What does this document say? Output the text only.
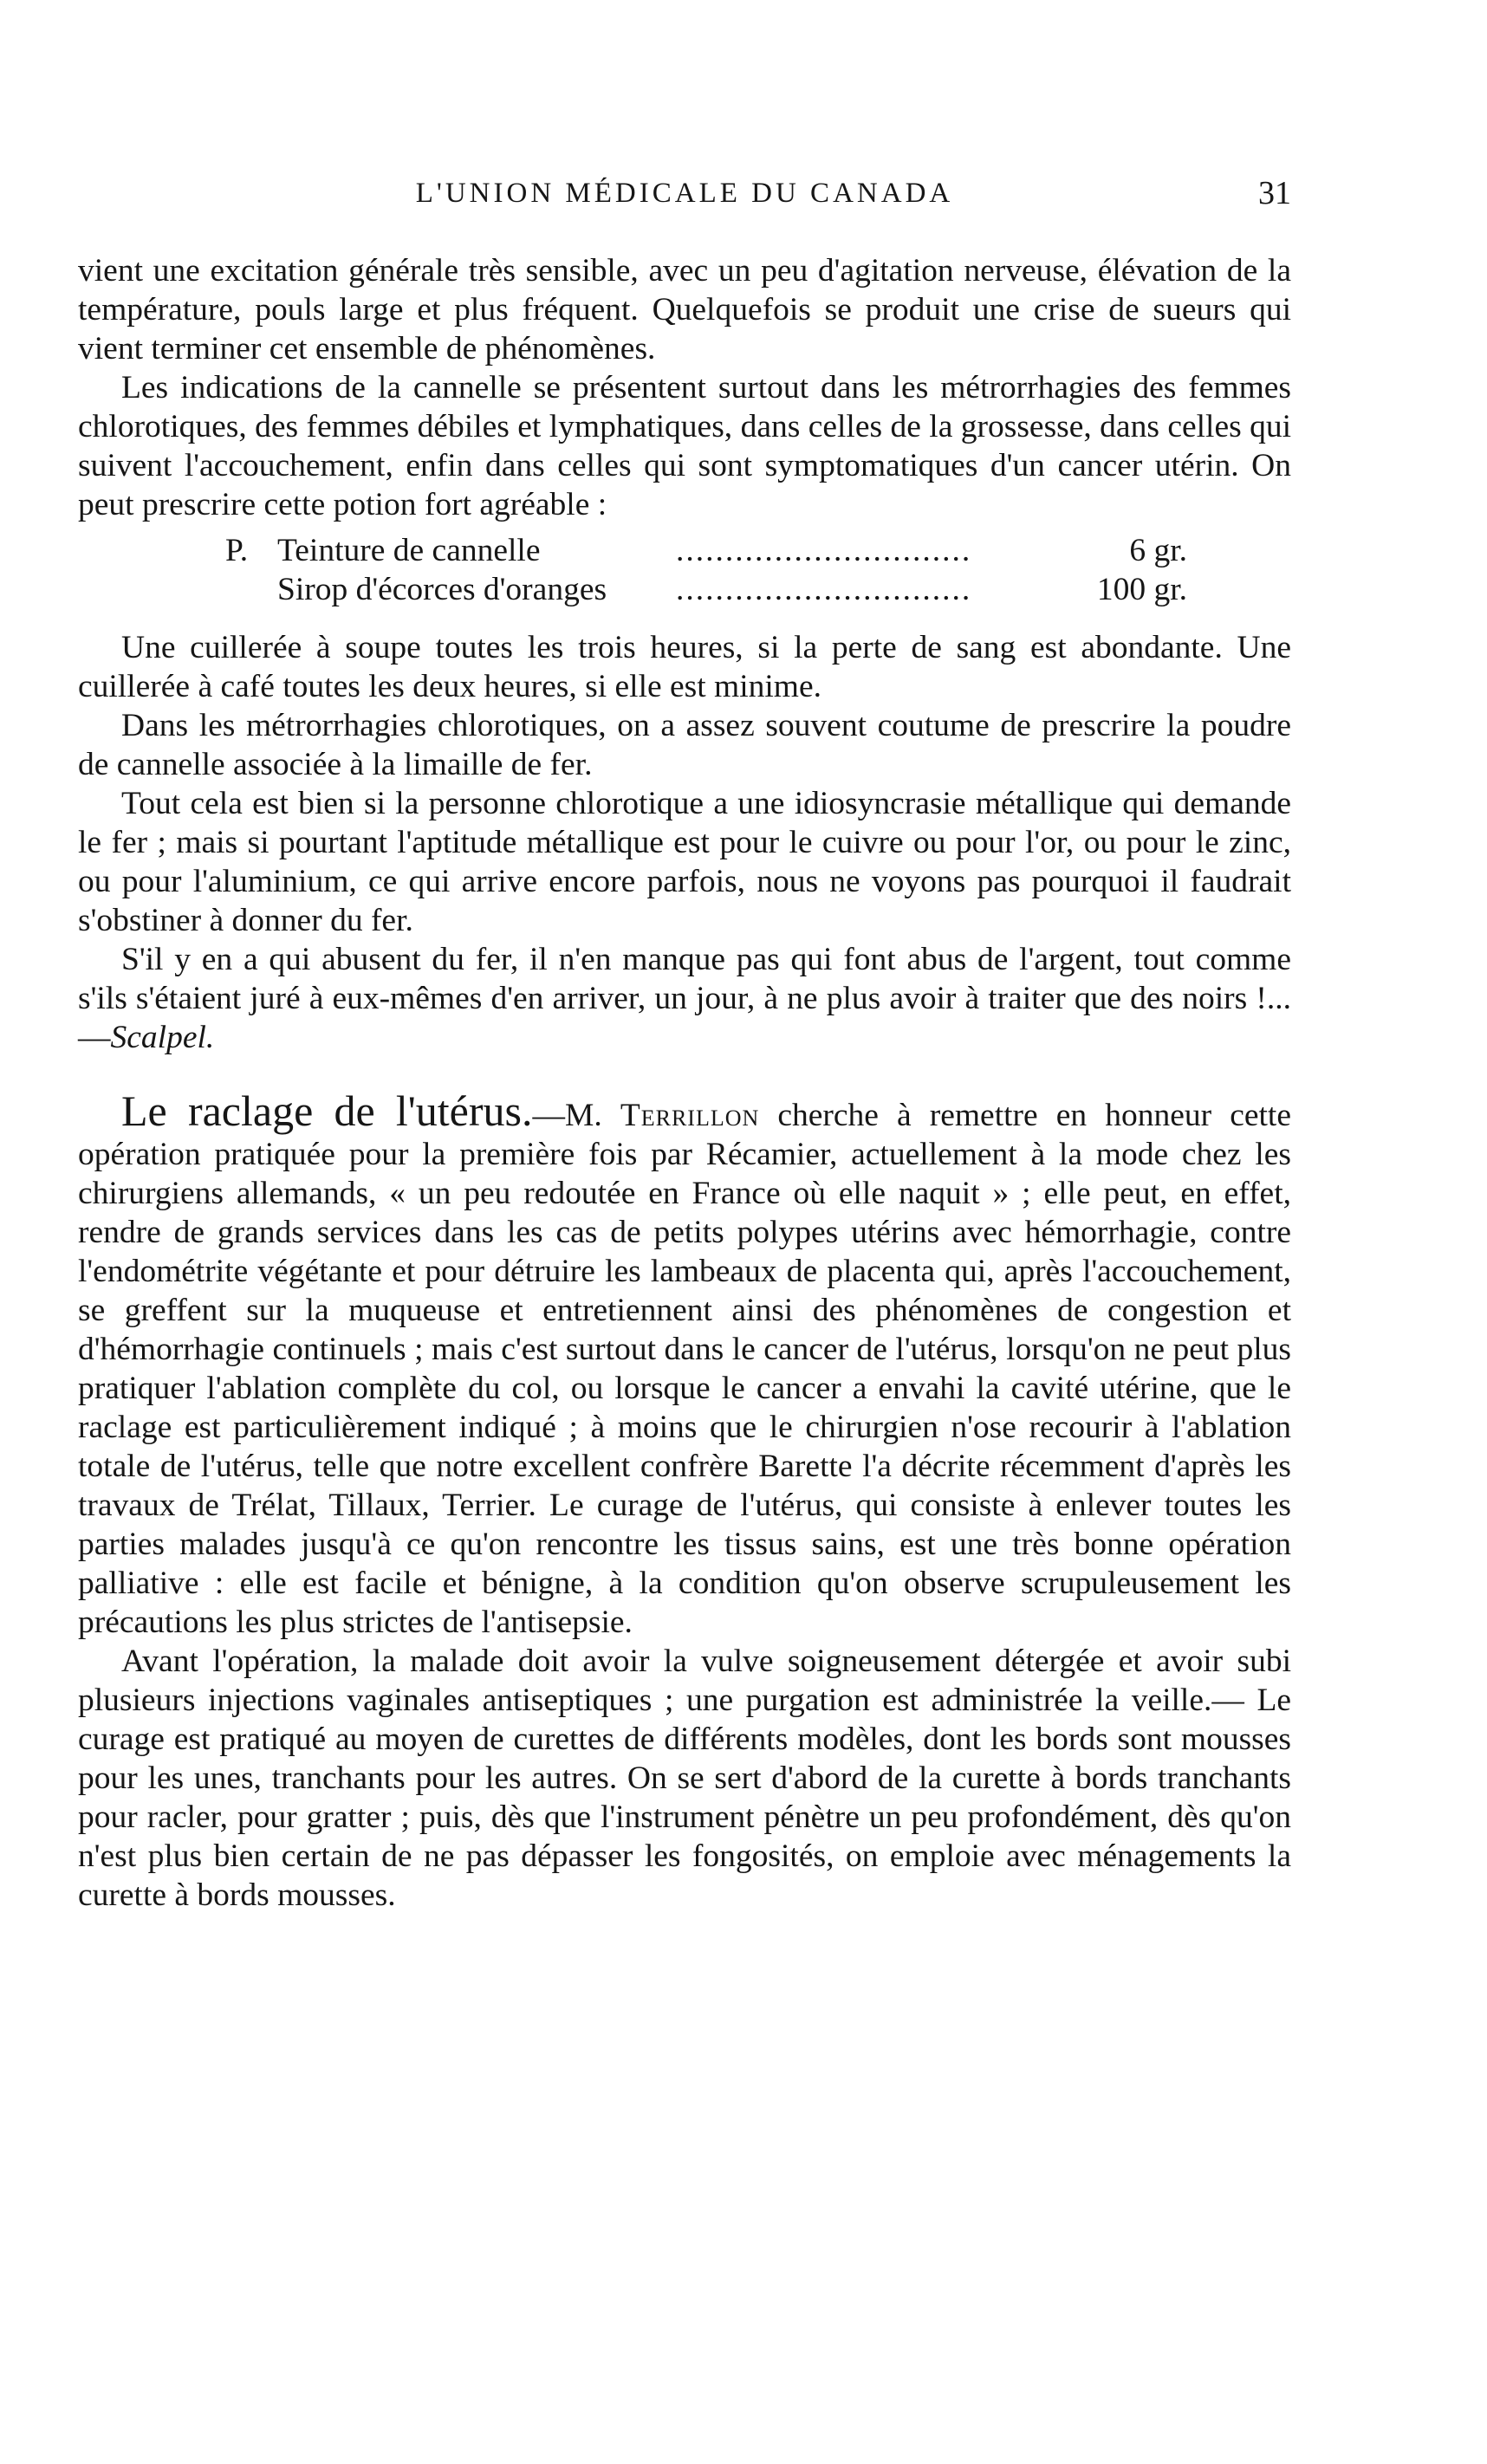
L'UNION MÉDICALE DU CANADA	31

vient une excitation générale très sensible, avec un peu d'agitation nerveuse, élévation de la température, pouls large et plus fréquent. Quelquefois se produit une crise de sueurs qui vient terminer cet ensemble de phénomènes.

Les indications de la cannelle se présentent surtout dans les métrorrhagies des femmes chlorotiques, des femmes débiles et lymphatiques, dans celles de la grossesse, dans celles qui suivent l'accouchement, enfin dans celles qui sont symptomatiques d'un cancer utérin. On peut prescrire cette potion fort agréable :

P. Teinture de cannelle	..............................	6 gr.
Sirop d'écorces d'oranges	..............................	100 gr.

Une cuillerée à soupe toutes les trois heures, si la perte de sang est abondante. Une cuillerée à café toutes les deux heures, si elle est minime.

Dans les métrorrhagies chlorotiques, on a assez souvent coutume de prescrire la poudre de cannelle associée à la limaille de fer.

Tout cela est bien si la personne chlorotique a une idiosyncrasie métallique qui demande le fer ; mais si pourtant l'aptitude métallique est pour le cuivre ou pour l'or, ou pour le zinc, ou pour l'aluminium, ce qui arrive encore parfois, nous ne voyons pas pourquoi il faudrait s'obstiner à donner du fer.

S'il y en a qui abusent du fer, il n'en manque pas qui font abus de l'argent, tout comme s'ils s'étaient juré à eux-mêmes d'en arriver, un jour, à ne plus avoir à traiter que des noirs !...—Scalpel.

Le raclage de l'utérus.—M. Terrillon cherche à remettre en honneur cette opération pratiquée pour la première fois par Récamier, actuellement à la mode chez les chirurgiens allemands, « un peu redoutée en France où elle naquit » ; elle peut, en effet, rendre de grands services dans les cas de petits polypes utérins avec hémorrhagie, contre l'endométrite végétante et pour détruire les lambeaux de placenta qui, après l'accouchement, se greffent sur la muqueuse et entretiennent ainsi des phénomènes de congestion et d'hémorrhagie continuels ; mais c'est surtout dans le cancer de l'utérus, lorsqu'on ne peut plus pratiquer l'ablation complète du col, ou lorsque le cancer a envahi la cavité utérine, que le raclage est particulièrement indiqué ; à moins que le chirurgien n'ose recourir à l'ablation totale de l'utérus, telle que notre excellent confrère Barette l'a décrite récemment d'après les travaux de Trélat, Tillaux, Terrier. Le curage de l'utérus, qui consiste à enlever toutes les parties malades jusqu'à ce qu'on rencontre les tissus sains, est une très bonne opération palliative : elle est facile et bénigne, à la condition qu'on observe scrupuleusement les précautions les plus strictes de l'antisepsie.

Avant l'opération, la malade doit avoir la vulve soigneusement détergée et avoir subi plusieurs injections vaginales antiseptiques ; une purgation est administrée la veille.— Le curage est pratiqué au moyen de curettes de différents modèles, dont les bords sont mousses pour les unes, tranchants pour les autres. On se sert d'abord de la curette à bords tranchants pour racler, pour gratter ; puis, dès que l'instrument pénètre un peu profondément, dès qu'on n'est plus bien certain de ne pas dépasser les fongosités, on emploie avec ménagements la curette à bords mousses.
